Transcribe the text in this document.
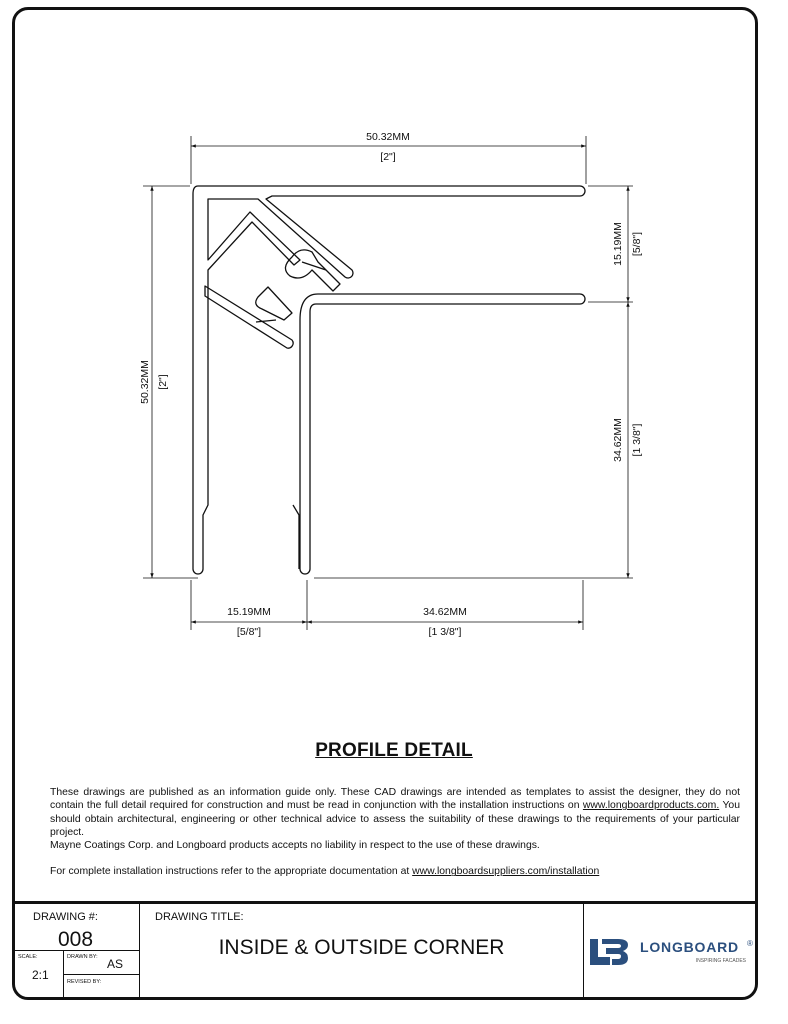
50.32MM
[2"]
50.32MM [2"]
15.19MM [5/8"]
34.62MM [1 3/8"]
15.19MM
[5/8"]
34.62MM
[1 3/8"]
PROFILE DETAIL

These drawings are published as an information guide only. These CAD drawings are intended as templates to assist the designer, they do not contain the full detail required for construction and must be read in conjunction with the installation instructions on www.longboardproducts.com. You should obtain architectural, engineering or other technical advice to assess the suitability of these drawings to the requirements of your particular project.

Mayne Coatings Corp. and Longboard products accepts no liability in respect to the use of these drawings.

For complete installation instructions refer to the appropriate documentation at www.longboardsuppliers.com/installation

DRAWING #:
008
SCALE:
2:1
DRAWN BY: AS
REVISED BY:
DRAWING TITLE:
INSIDE & OUTSIDE CORNER	LONGBOARD ®
INSPIRING FACADES
